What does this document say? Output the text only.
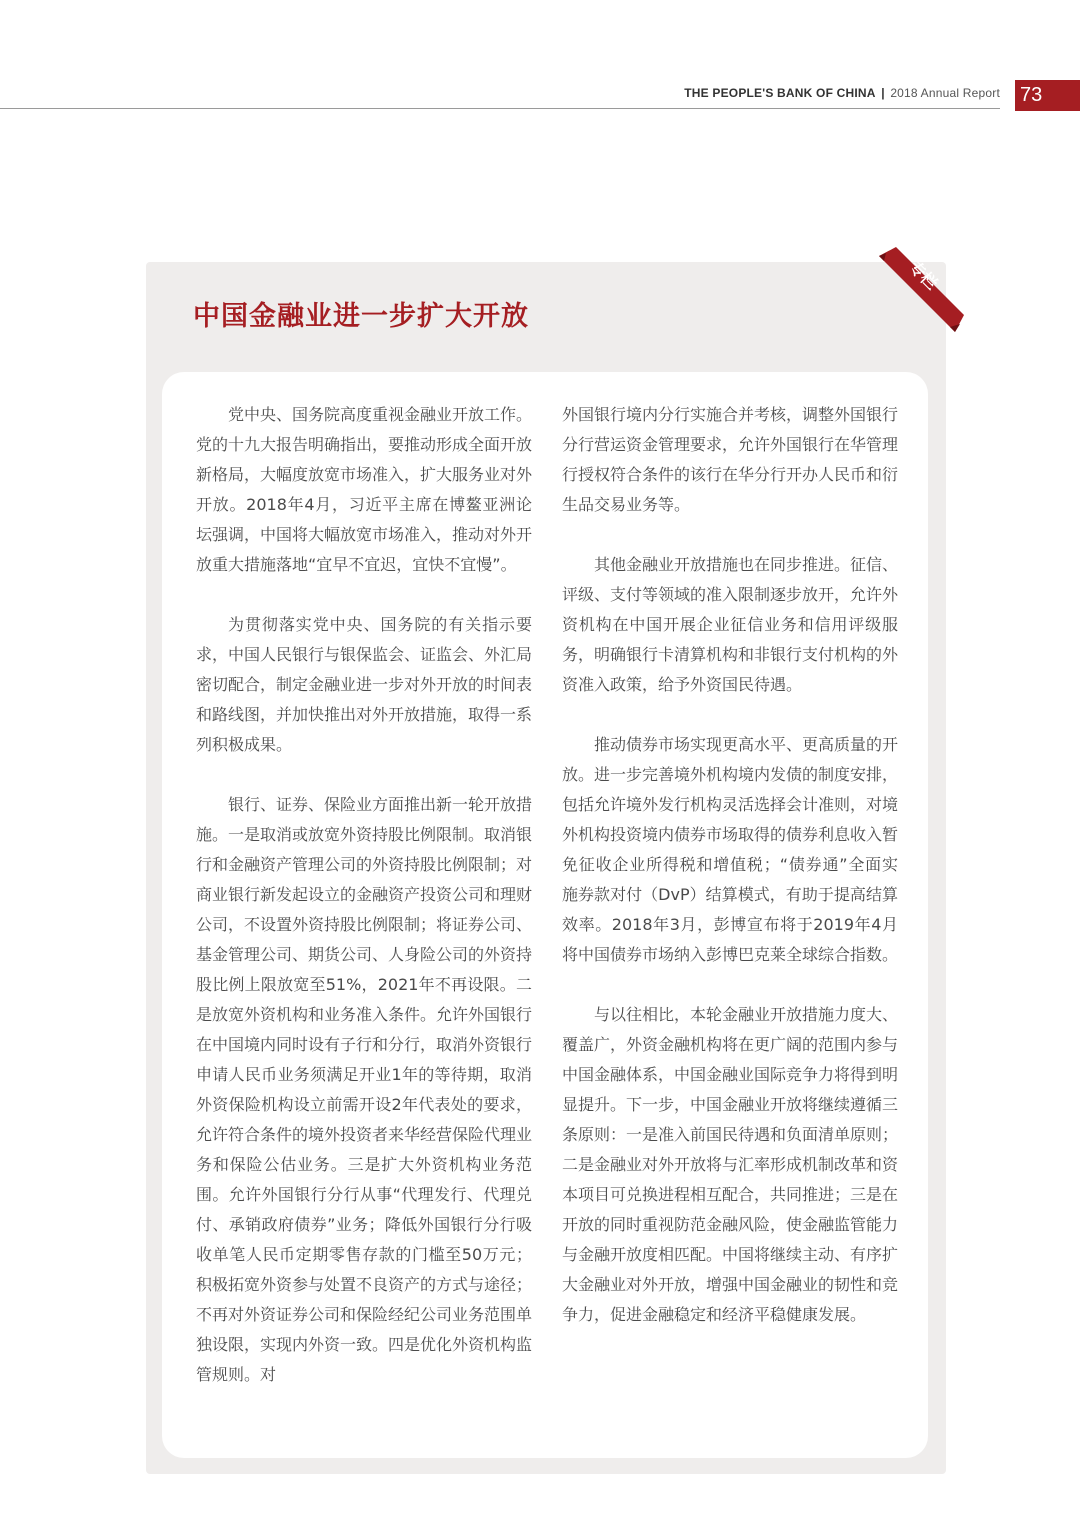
THE PEOPLE'S BANK OF CHINA | 2018 Annual Report 73
中国金融业进一步扩大开放

党中央、国务院高度重视金融业开放工作。党的十九大报告明确指出，要推动形成全面开放新格局，大幅度放宽市场准入，扩大服务业对外开放。2018年4月，习近平主席在博鳌亚洲论坛强调，中国将大幅放宽市场准入，推动对外开放重大措施落地“宜早不宜迟，宜快不宜慢”。

为贯彻落实党中央、国务院的有关指示要求，中国人民银行与银保监会、证监会、外汇局密切配合，制定金融业进一步对外开放的时间表和路线图，并加快推出对外开放措施，取得一系列积极成果。

银行、证券、保险业方面推出新一轮开放措施。一是取消或放宽外资持股比例限制。取消银行和金融资产管理公司的外资持股比例限制；对商业银行新发起设立的金融资产投资公司和理财公司，不设置外资持股比例限制；将证券公司、基金管理公司、期货公司、人身险公司的外资持股比例上限放宽至51%，2021年不再设限。二是放宽外资机构和业务准入条件。允许外国银行在中国境内同时设有子行和分行，取消外资银行申请人民币业务须满足开业1年的等待期，取消外资保险机构设立前需开设2年代表处的要求，允许符合条件的境外投资者来华经营保险代理业务和保险公估业务。三是扩大外资机构业务范围。允许外国银行分行从事“代理发行、代理兑付、承销政府债券”业务；降低外国银行分行吸收单笔人民币定期零售存款的门槛至50万元；积极拓宽外资参与处置不良资产的方式与途径；不再对外资证券公司和保险经纪公司业务范围单独设限，实现内外资一致。四是优化外资机构监管规则。对

外国银行境内分行实施合并考核，调整外国银行分行营运资金管理要求，允许外国银行在华管理行授权符合条件的该行在华分行开办人民币和衍生品交易业务等。

其他金融业开放措施也在同步推进。征信、评级、支付等领域的准入限制逐步放开，允许外资机构在中国开展企业征信业务和信用评级服务，明确银行卡清算机构和非银行支付机构的外资准入政策，给予外资国民待遇。

推动债券市场实现更高水平、更高质量的开放。进一步完善境外机构境内发债的制度安排，包括允许境外发行机构灵活选择会计准则，对境外机构投资境内债券市场取得的债券利息收入暂免征收企业所得税和增值税；“债券通”全面实施券款对付（DvP）结算模式，有助于提高结算效率。2018年3月，彭博宣布将于2019年4月将中国债券市场纳入彭博巴克莱全球综合指数。

与以往相比，本轮金融业开放措施力度大、覆盖广，外资金融机构将在更广阔的范围内参与中国金融体系，中国金融业国际竞争力将得到明显提升。下一步，中国金融业开放将继续遵循三条原则：一是准入前国民待遇和负面清单原则；二是金融业对外开放将与汇率形成机制改革和资本项目可兑换进程相互配合，共同推进；三是在开放的同时重视防范金融风险，使金融监管能力与金融开放度相匹配。中国将继续主动、有序扩大金融业对外开放，增强中国金融业的韧性和竞争力，促进金融稳定和经济平稳健康发展。

专栏
